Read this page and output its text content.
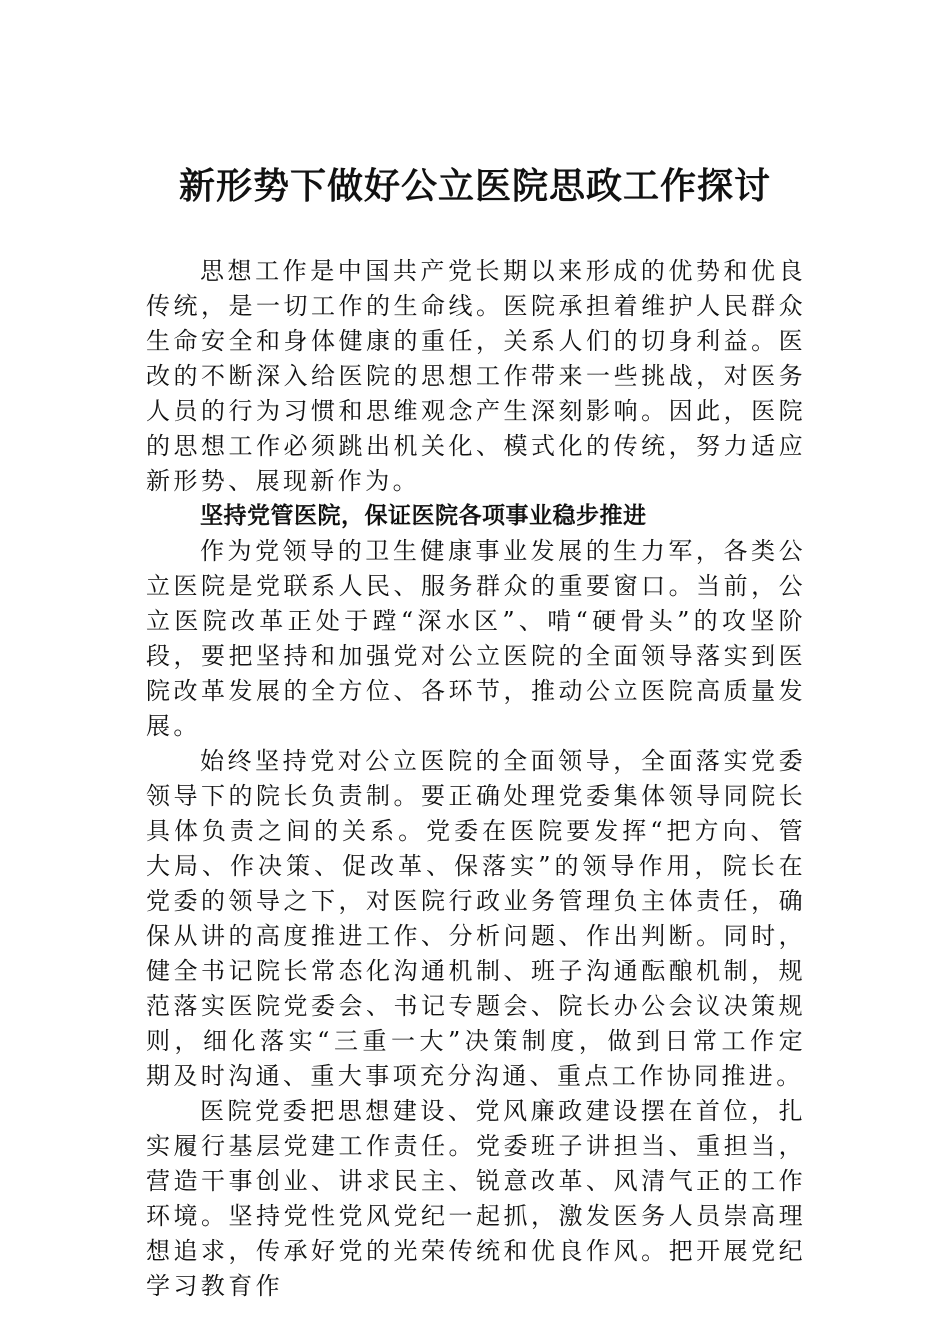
新形势下做好公立医院思政工作探讨

思想工作是中国共产党长期以来形成的优势和优良传统，是一切工作的生命线。医院承担着维护人民群众生命安全和身体健康的重任，关系人们的切身利益。医改的不断深入给医院的思想工作带来一些挑战，对医务人员的行为习惯和思维观念产生深刻影响。因此，医院的思想工作必须跳出机关化、模式化的传统，努力适应新形势、展现新作为。

坚持党管医院，保证医院各项事业稳步推进

作为党领导的卫生健康事业发展的生力军，各类公立医院是党联系人民、服务群众的重要窗口。当前，公立医院改革正处于蹚“深水区”、啃“硬骨头”的攻坚阶段，要把坚持和加强党对公立医院的全面领导落实到医院改革发展的全方位、各环节，推动公立医院高质量发展。

始终坚持党对公立医院的全面领导，全面落实党委领导下的院长负责制。要正确处理党委集体领导同院长具体负责之间的关系。党委在医院要发挥“把方向、管大局、作决策、促改革、保落实”的领导作用，院长在党委的领导之下，对医院行政业务管理负主体责任，确保从讲的高度推进工作、分析问题、作出判断。同时，健全书记院长常态化沟通机制、班子沟通酝酿机制，规范落实医院党委会、书记专题会、院长办公会议决策规则，细化落实“三重一大”决策制度，做到日常工作定期及时沟通、重大事项充分沟通、重点工作协同推进。

医院党委把思想建设、党风廉政建设摆在首位，扎实履行基层党建工作责任。党委班子讲担当、重担当，营造干事创业、讲求民主、锐意改革、风清气正的工作环境。坚持党性党风党纪一起抓，激发医务人员崇高理想追求，传承好党的光荣传统和优良作风。把开展党纪学习教育作
